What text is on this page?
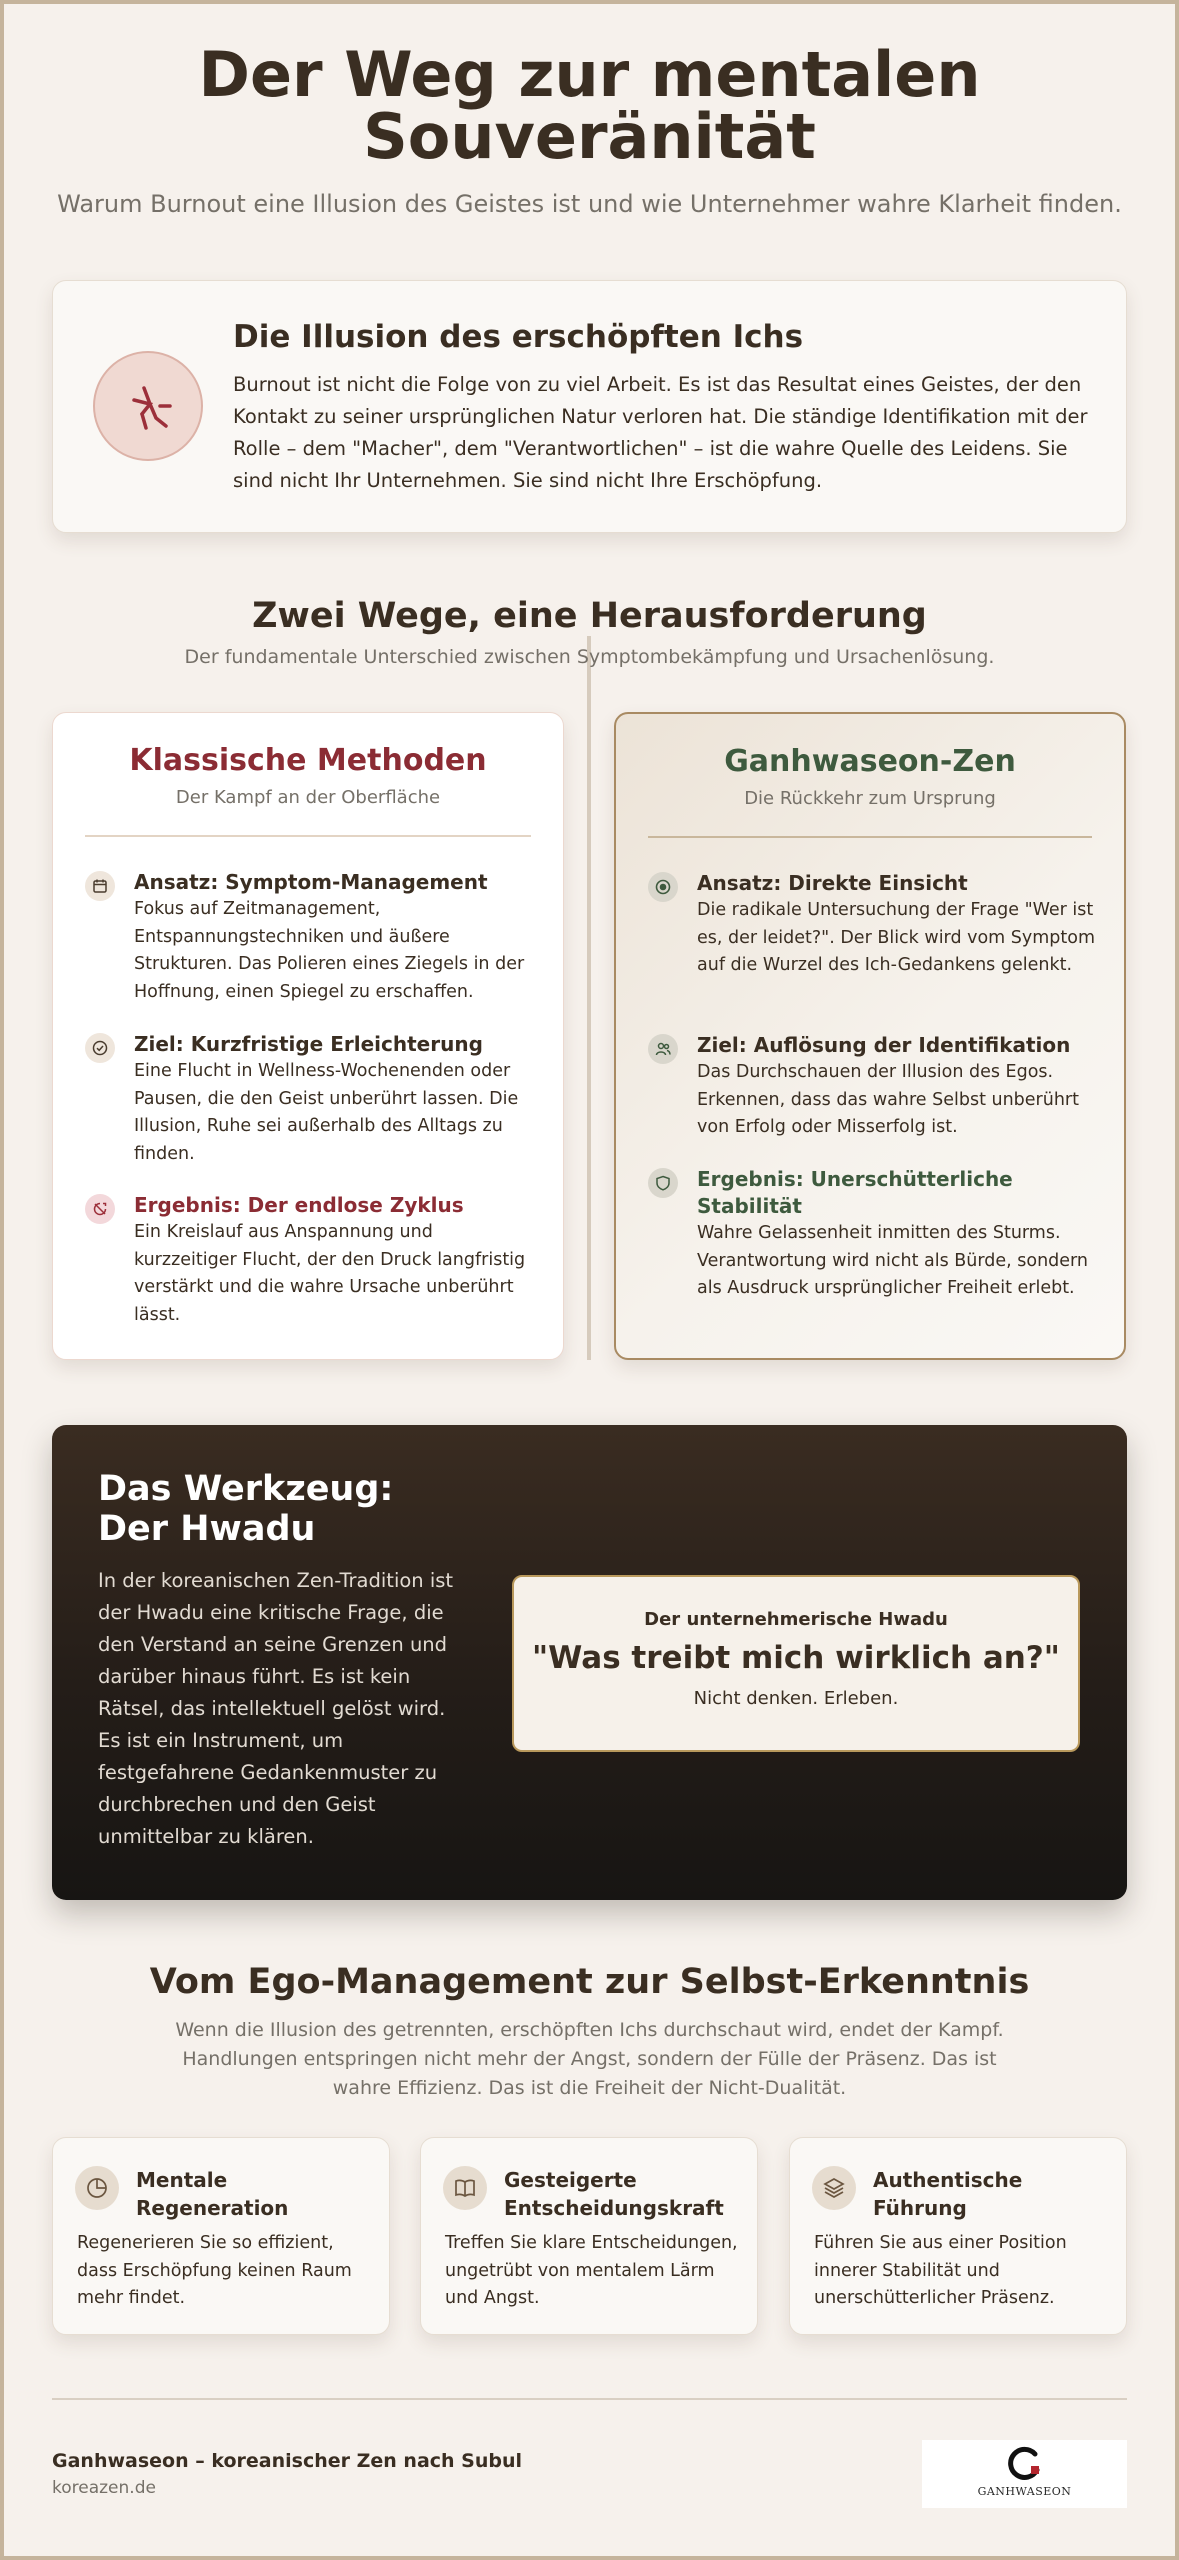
Der Weg zur mentalen
Souveränität

Warum Burnout eine Illusion des Geistes ist und wie Unternehmer wahre Klarheit finden.

Die Illusion des erschöpften Ichs

Burnout ist nicht die Folge von zu viel Arbeit. Es ist das Resultat eines Geistes, der den Kontakt zu seiner ursprünglichen Natur verloren hat. Die ständige Identifikation mit der Rolle – dem "Macher", dem "Verantwortlichen" – ist die wahre Quelle des Leidens. Sie sind nicht Ihr Unternehmen. Sie sind nicht Ihre Erschöpfung.

Zwei Wege, eine Herausforderung

Der fundamentale Unterschied zwischen Symptombekämpfung und Ursachenlösung.

Klassische Methoden
Der Kampf an der Oberfläche
Ansatz: Symptom-Management

Fokus auf Zeitmanagement, Entspannungstechniken und äußere Strukturen. Das Polieren eines Ziegels in der Hoffnung, einen Spiegel zu erschaffen.

Ziel: Kurzfristige Erleichterung

Eine Flucht in Wellness-Wochenenden oder Pausen, die den Geist unberührt lassen. Die Illusion, Ruhe sei außerhalb des Alltags zu finden.

Ergebnis: Der endlose Zyklus

Ein Kreislauf aus Anspannung und kurzzeitiger Flucht, der den Druck langfristig verstärkt und die wahre Ursache unberührt lässt.

Ganhwaseon-Zen
Die Rückkehr zum Ursprung
Ansatz: Direkte Einsicht

Die radikale Untersuchung der Frage "Wer ist es, der leidet?". Der Blick wird vom Symptom auf die Wurzel des Ich-Gedankens gelenkt.

Ziel: Auflösung der Identifikation

Das Durchschauen der Illusion des Egos. Erkennen, dass das wahre Selbst unberührt von Erfolg oder Misserfolg ist.

Ergebnis: Unerschütterliche Stabilität

Wahre Gelassenheit inmitten des Sturms. Verantwortung wird nicht als Bürde, sondern als Ausdruck ursprünglicher Freiheit erlebt.

Das Werkzeug:
Der Hwadu

In der koreanischen Zen-Tradition ist der Hwadu eine kritische Frage, die den Verstand an seine Grenzen und darüber hinaus führt. Es ist kein Rätsel, das intellektuell gelöst wird. Es ist ein Instrument, um festgefahrene Gedankenmuster zu durchbrechen und den Geist unmittelbar zu klären.

Der unternehmerische Hwadu
"Was treibt mich wirklich an?"
Nicht denken. Erleben.
Vom Ego-Management zur Selbst-Erkenntnis
Wenn die Illusion des getrennten, erschöpften Ichs durchschaut wird, endet der Kampf.
Handlungen entspringen nicht mehr der Angst, sondern der Fülle der Präsenz. Das ist
wahre Effizienz. Das ist die Freiheit der Nicht-Dualität.
Mentale Regeneration

Regenerieren Sie so effizient, dass Erschöpfung keinen Raum mehr findet.

Gesteigerte Entscheidungskraft

Treffen Sie klare Entscheidungen, ungetrübt von mentalem Lärm und Angst.

Authentische Führung

Führen Sie aus einer Position innerer Stabilität und unerschütterlicher Präsenz.

Ganhwaseon – koreanischer Zen nach Subul
koreazen.de	GANHWASEON
